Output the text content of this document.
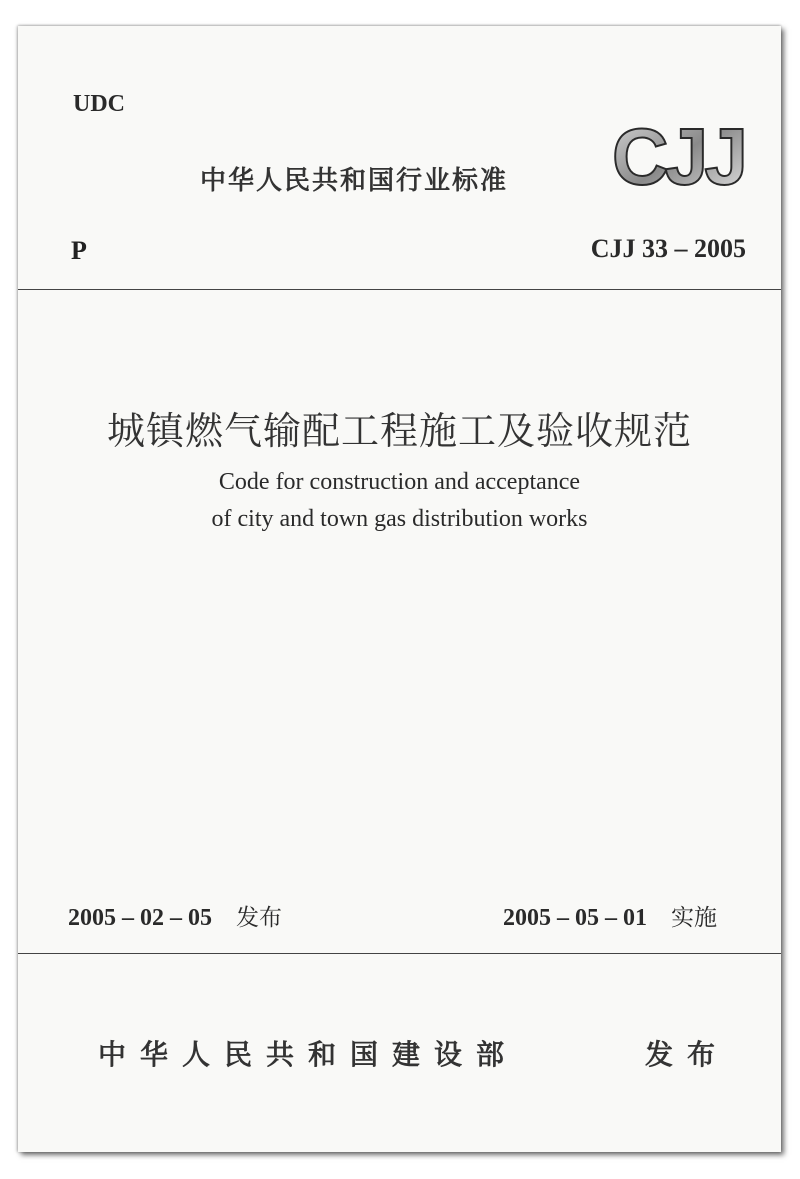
UDC
中华人民共和国行业标准 CJJ
P	CJJ 33 – 2005
城镇燃气输配工程施工及验收规范
Code for construction and acceptance
of city and town gas distribution works
2005 – 02 – 05 发布	2005 – 05 – 01 实施
中华人民共和国建设部	发布
